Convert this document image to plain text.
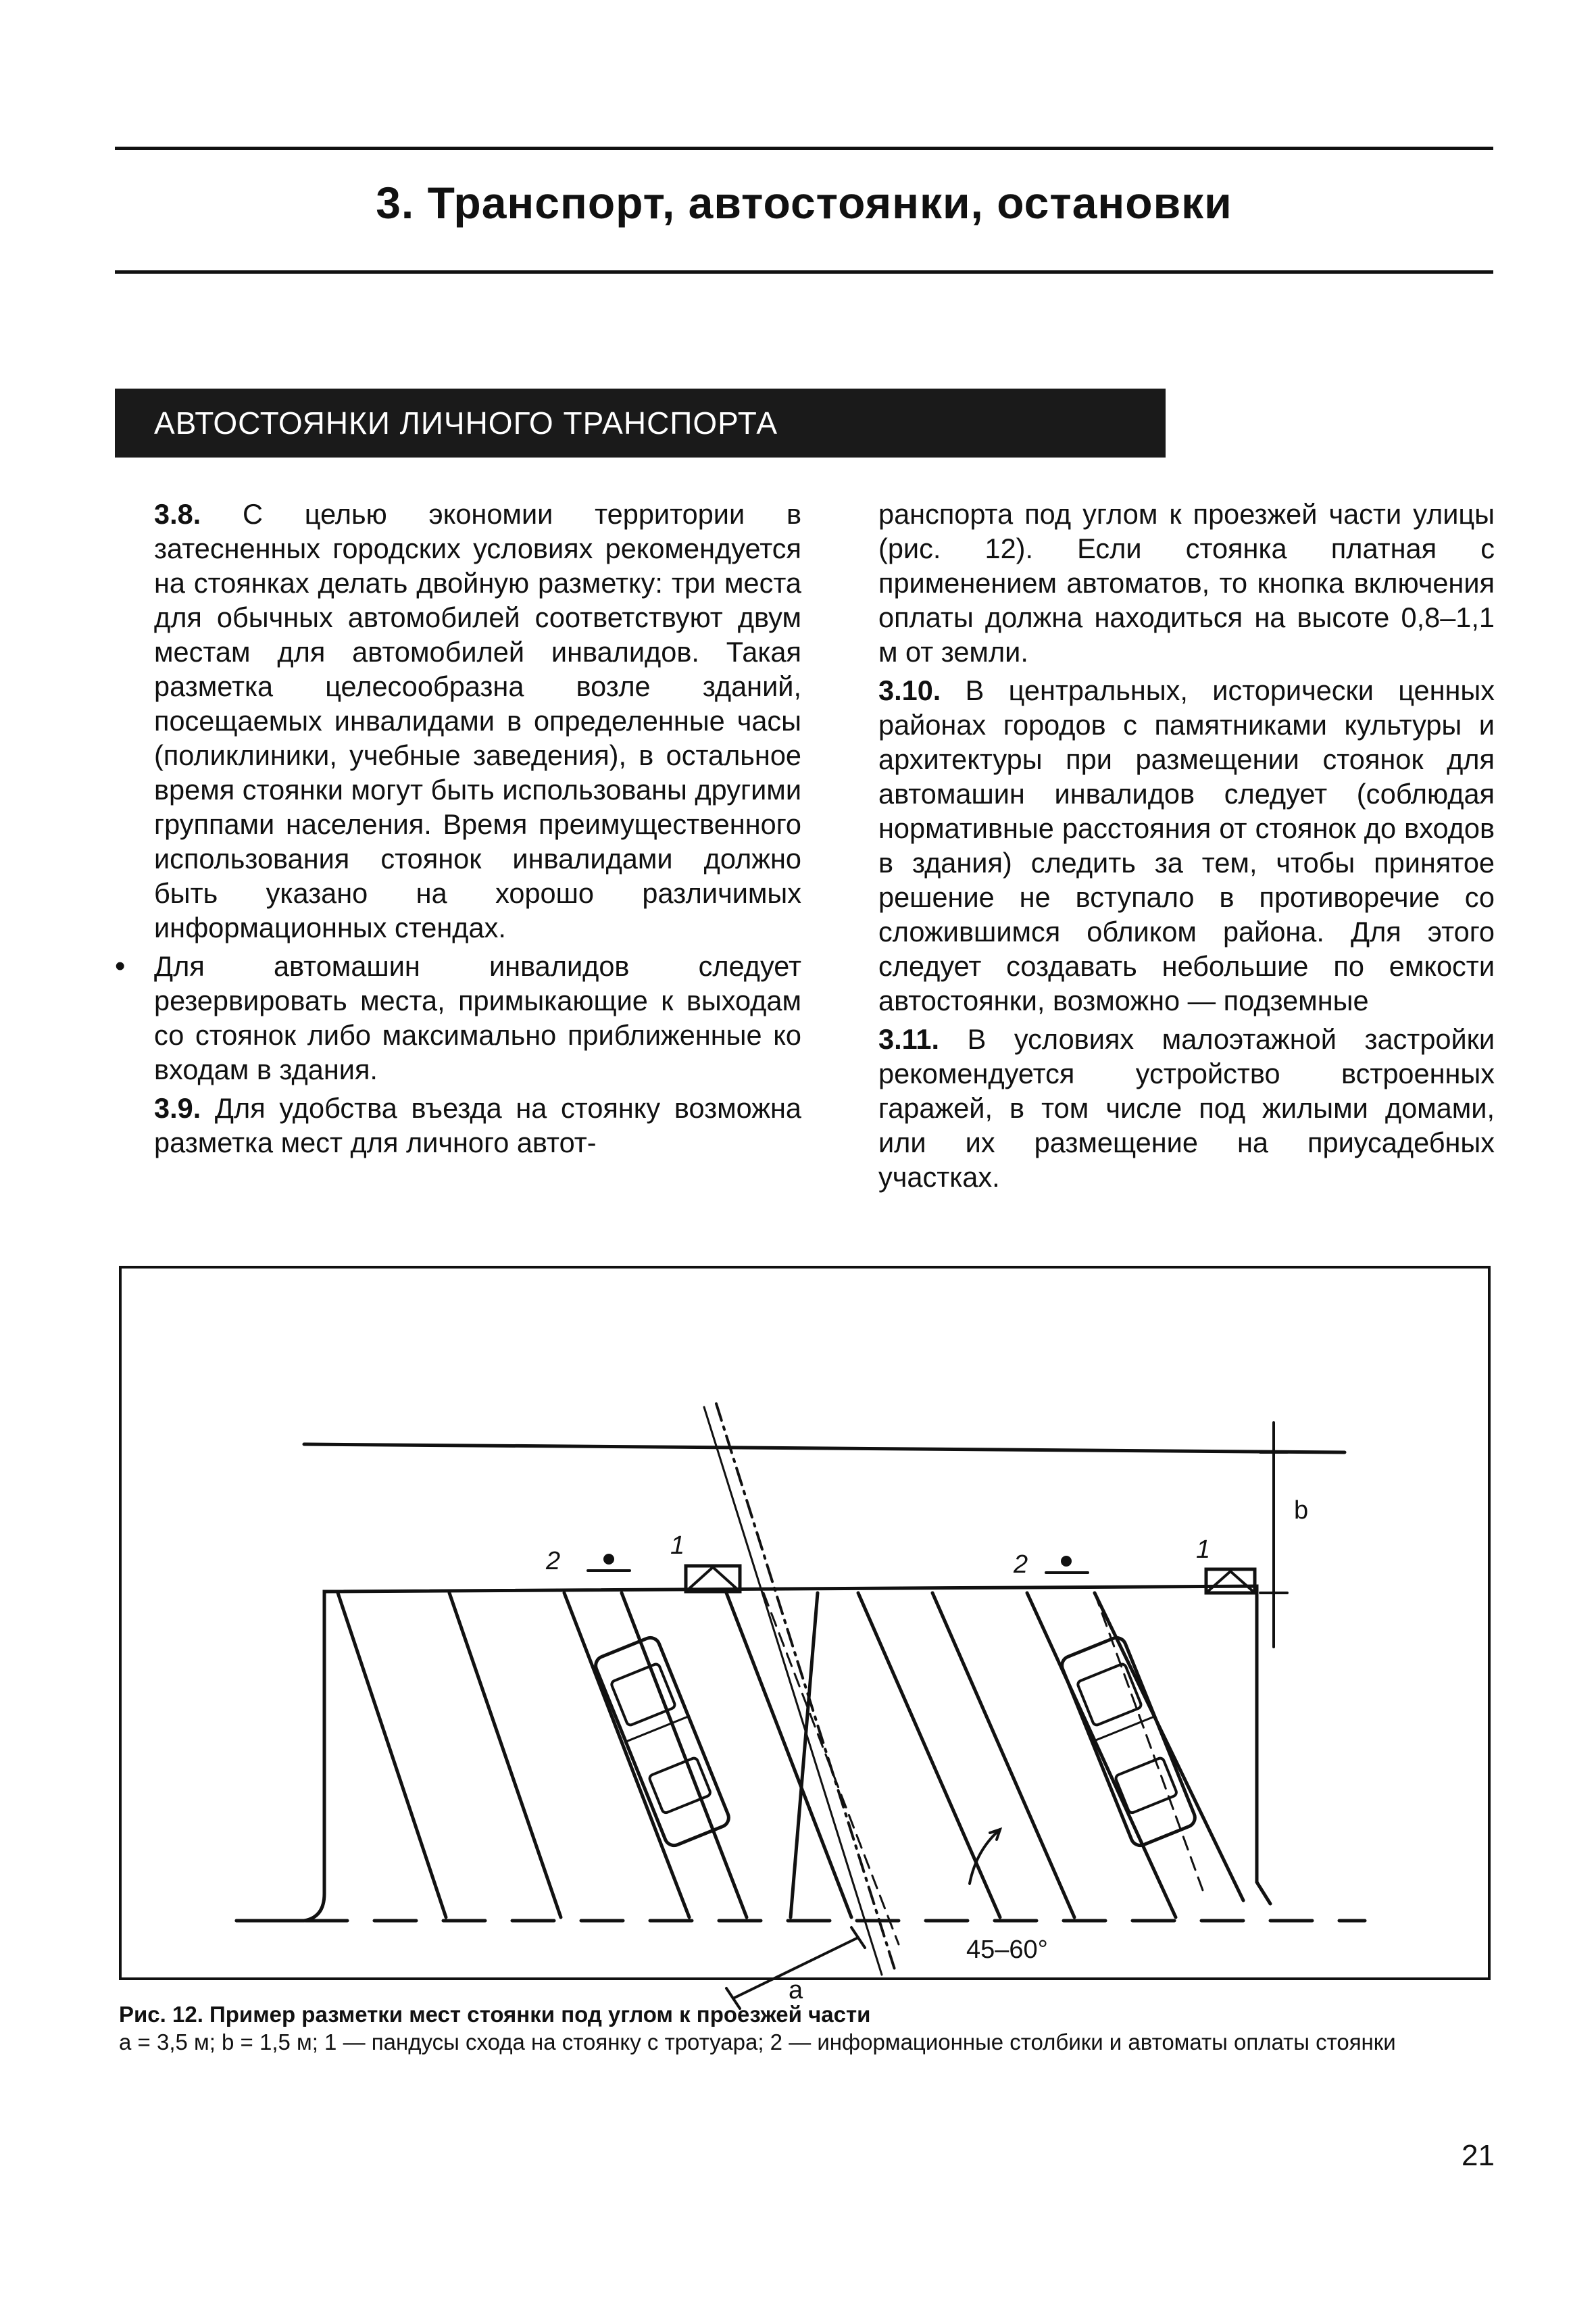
3. Транспорт, автостоянки, остановки
АВТОСТОЯНКИ ЛИЧНОГО ТРАНСПОРТА

3.8. С целью экономии территории в затесненных городских условиях рекомендуется на стоянках делать двойную разметку: три места для обычных автомобилей соответствуют двум местам для автомобилей инвалидов. Такая разметка целесообразна возле зданий, посещаемых инвалидами в определенные часы (поликлиники, учебные заведения), в остальное время стоянки могут быть использованы другими группами населения. Время преимущественного использования стоянок инвалидами должно быть указано на хорошо различимых информационных стендах.

• Для автомашин инвалидов следует резервировать места, примыкающие к выходам со стоянок либо максимально приближенные ко входам в здания.

3.9. Для удобства въезда на стоянку возможна разметка мест для личного автот-

ранспорта под углом к проезжей части улицы (рис. 12). Если стоянка платная с применением автоматов, то кнопка включения оплаты должна находиться на высоте 0,8–1,1 м от земли.

3.10. В центральных, исторически ценных районах городов с памятниками культуры и архитектуры при размещении стоянок для автомашин инвалидов следует (соблюдая нормативные расстояния от стоянок до входов в здания) следить за тем, чтобы принятое решение не вступало в противоречие со сложившимся обликом района. Для этого следует создавать небольшие по емкости автостоянки, возможно — подземные

3.11. В условиях малоэтажной застройки рекомендуется устройство встроенных гаражей, в том числе под жилыми домами, или их размещение на приусадебных участках.

2
1
2
1
b
a
45–60°
Рис. 12. Пример разметки мест стоянки под углом к проезжей части
a = 3,5 м; b = 1,5 м; 1 — пандусы схода на стоянку с тротуара; 2 — информационные столбики и автоматы оплаты стоянки
21
